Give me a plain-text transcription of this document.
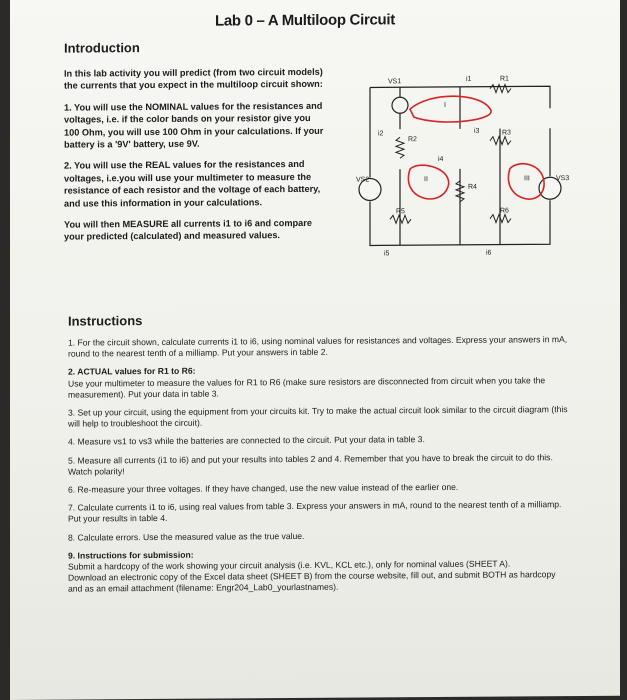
Lab 0 – A Multiloop Circuit
Introduction

In this lab activity you will predict (from two circuit models) the currents that you expect in the multiloop circuit shown:

1. You will use the NOMINAL values for the resistances and voltages, i.e. if the color bands on your resistor give you 100 Ohm, you will use 100 Ohm in your calculations. If your battery is a '9V' battery, use 9V.

2. You will use the REAL values for the resistances and voltages, i.e.you will use your multimeter to measure the resistance of each resistor and the voltage of each battery, and use this information in your calculations.

You will then MEASURE all currents i1 to i6 and compare your predicted (calculated) and measured values.

VS1
VS2	VS3
i1
i2	i3
i4
i5	i6
R1
R2
R3
R4
R5	R6
I
II	III
Instructions

1. For the circuit shown, calculate currents i1 to i6, using nominal values for resistances and voltages. Express your answers in mA, round to the nearest tenth of a milliamp. Put your answers in table 2.

2. ACTUAL values for R1 to R6:

Use your multimeter to measure the values for R1 to R6 (make sure resistors are disconnected from circuit when you take the measurement). Put your data in table 3.

3. Set up your circuit, using the equipment from your circuits kit. Try to make the actual circuit look similar to the circuit diagram (this will help to troubleshoot the circuit).

4. Measure vs1 to vs3 while the batteries are connected to the circuit. Put your data in table 3.

5. Measure all currents (i1 to i6) and put your results into tables 2 and 4. Remember that you have to break the circuit to do this. Watch polarity!

6. Re-measure your three voltages. If they have changed, use the new value instead of the earlier one.

7. Calculate currents i1 to i6, using real values from table 3. Express your answers in mA, round to the nearest tenth of a milliamp. Put your results in table 4.

8. Calculate errors. Use the measured value as the true value.

9. Instructions for submission:

Submit a hardcopy of the work showing your circuit analysis (i.e. KVL, KCL etc.), only for nominal values (SHEET A).

Download an electronic copy of the Excel data sheet (SHEET B) from the course website, fill out, and submit BOTH as hardcopy and as an email attachment (filename: Engr204_Lab0_yourlastnames).
